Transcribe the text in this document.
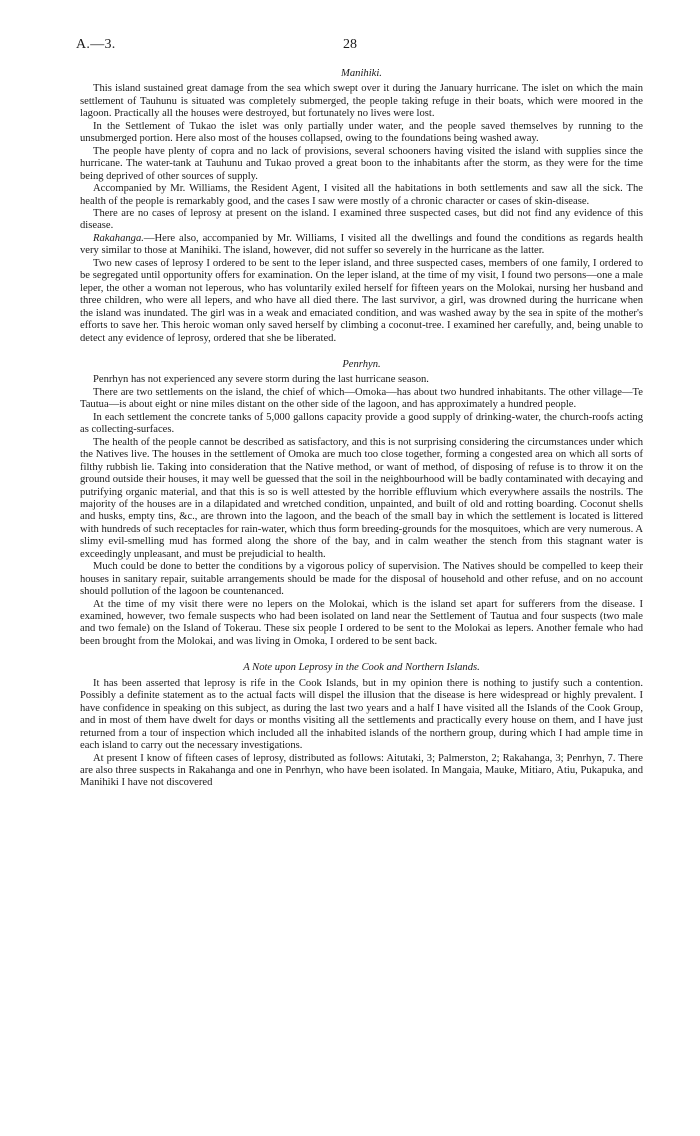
A.—3.	28

Manihiki.

This island sustained great damage from the sea which swept over it during the January hurricane. The islet on which the main settlement of Tauhunu is situated was completely submerged, the people taking refuge in their boats, which were moored in the lagoon. Practically all the houses were destroyed, but fortunately no lives were lost.

In the Settlement of Tukao the islet was only partially under water, and the people saved themselves by running to the unsubmerged portion. Here also most of the houses collapsed, owing to the foundations being washed away.

The people have plenty of copra and no lack of provisions, several schooners having visited the island with supplies since the hurricane. The water-tank at Tauhunu and Tukao proved a great boon to the inhabitants after the storm, as they were for the time being deprived of other sources of supply.

Accompanied by Mr. Williams, the Resident Agent, I visited all the habitations in both settlements and saw all the sick. The health of the people is remarkably good, and the cases I saw were mostly of a chronic character or cases of skin-disease.

There are no cases of leprosy at present on the island. I examined three suspected cases, but did not find any evidence of this disease.

Rakahanga.—Here also, accompanied by Mr. Williams, I visited all the dwellings and found the conditions as regards health very similar to those at Manihiki. The island, however, did not suffer so severely in the hurricane as the latter.

Two new cases of leprosy I ordered to be sent to the leper island, and three suspected cases, members of one family, I ordered to be segregated until opportunity offers for examination. On the leper island, at the time of my visit, I found two persons—one a male leper, the other a woman not leperous, who has voluntarily exiled herself for fifteen years on the Molokai, nursing her husband and three children, who were all lepers, and who have all died there. The last survivor, a girl, was drowned during the hurricane when the island was inundated. The girl was in a weak and emaciated condition, and was washed away by the sea in spite of the mother's efforts to save her. This heroic woman only saved herself by climbing a coconut-tree. I examined her carefully, and, being unable to detect any evidence of leprosy, ordered that she be liberated.

Penrhyn.

Penrhyn has not experienced any severe storm during the last hurricane season.

There are two settlements on the island, the chief of which—Omoka—has about two hundred inhabitants. The other village—Te Tautua—is about eight or nine miles distant on the other side of the lagoon, and has approximately a hundred people.

In each settlement the concrete tanks of 5,000 gallons capacity provide a good supply of drinking-water, the church-roofs acting as collecting-surfaces.

The health of the people cannot be described as satisfactory, and this is not surprising considering the circumstances under which the Natives live. The houses in the settlement of Omoka are much too close together, forming a congested area on which all sorts of filthy rubbish lie. Taking into consideration that the Native method, or want of method, of disposing of refuse is to throw it on the ground outside their houses, it may well be guessed that the soil in the neighbourhood will be badly contaminated with decaying and putrifying organic material, and that this is so is well attested by the horrible effluvium which everywhere assails the nostrils. The majority of the houses are in a dilapidated and wretched condition, unpainted, and built of old and rotting boarding. Coconut shells and husks, empty tins, &c., are thrown into the lagoon, and the beach of the small bay in which the settlement is located is littered with hundreds of such receptacles for rain-water, which thus form breeding-grounds for the mosquitoes, which are very numerous. A slimy evil-smelling mud has formed along the shore of the bay, and in calm weather the stench from this stagnant water is exceedingly unpleasant, and must be prejudicial to health.

Much could be done to better the conditions by a vigorous policy of supervision. The Natives should be compelled to keep their houses in sanitary repair, suitable arrangements should be made for the disposal of household and other refuse, and on no account should pollution of the lagoon be countenanced.

At the time of my visit there were no lepers on the Molokai, which is the island set apart for sufferers from the disease. I examined, however, two female suspects who had been isolated on land near the Settlement of Tautua and four suspects (two male and two female) on the Island of Tokerau. These six people I ordered to be sent to the Molokai as lepers. Another female who had been brought from the Molokai, and was living in Omoka, I ordered to be sent back.

A Note upon Leprosy in the Cook and Northern Islands.

It has been asserted that leprosy is rife in the Cook Islands, but in my opinion there is nothing to justify such a contention. Possibly a definite statement as to the actual facts will dispel the illusion that the disease is here widespread or highly prevalent. I have confidence in speaking on this subject, as during the last two years and a half I have visited all the Islands of the Cook Group, and in most of them have dwelt for days or months visiting all the settlements and practically every house on them, and I have just returned from a tour of inspection which included all the inhabited islands of the northern group, during which I had ample time in each island to carry out the necessary investigations.

At present I know of fifteen cases of leprosy, distributed as follows: Aitutaki, 3; Palmerston, 2; Rakahanga, 3; Penrhyn, 7. There are also three suspects in Rakahanga and one in Penrhyn, who have been isolated. In Mangaia, Mauke, Mitiaro, Atiu, Pukapuka, and Manihiki I have not discovered
